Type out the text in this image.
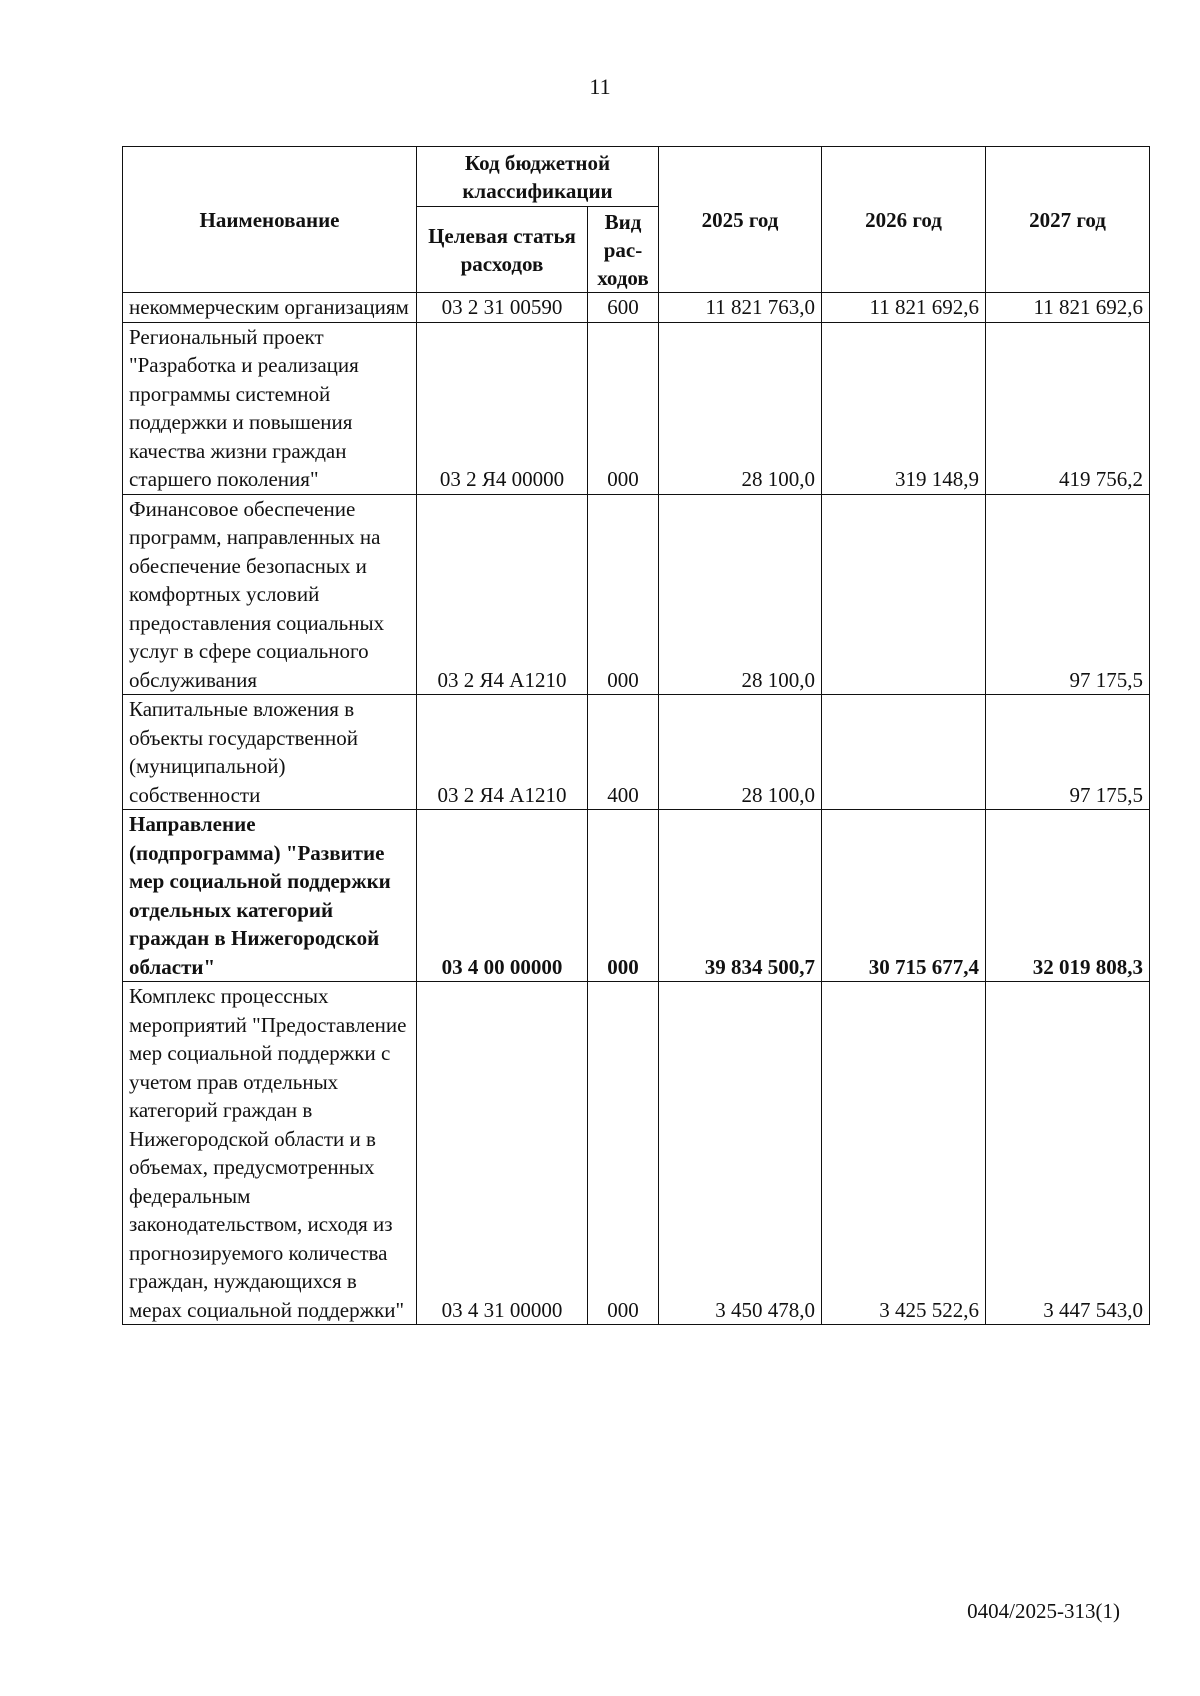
11
Наименование	Код бюджетной классификации		2025 год	2026 год	2027 год
	Целевая статья расходов	Вид рас-ходов			
некоммерческим организациям	03 2 31 00590	600	11 821 763,0	11 821 692,6	11 821 692,6
Региональный проект "Разработка и реализация программы системной поддержки и повышения качества жизни граждан старшего поколения"	03 2 Я4 00000	000	28 100,0	319 148,9	419 756,2
Финансовое обеспечение программ, направленных на обеспечение безопасных и комфортных условий предоставления социальных услуг в сфере социального обслуживания	03 2 Я4 А1210	000	28 100,0		97 175,5
Капитальные вложения в объекты государственной (муниципальной) собственности	03 2 Я4 А1210	400	28 100,0		97 175,5
Направление (подпрограмма) "Развитие мер социальной поддержки отдельных категорий граждан в Нижегородской области"	03 4 00 00000	000	39 834 500,7	30 715 677,4	32 019 808,3
Комплекс процессных мероприятий "Предоставление мер социальной поддержки с учетом прав отдельных категорий граждан в Нижегородской области и в объемах, предусмотренных федеральным законодательством, исходя из прогнозируемого количества граждан, нуждающихся в мерах социальной поддержки"	03 4 31 00000	000	3 450 478,0	3 425 522,6	3 447 543,0
0404/2025-313(1)
